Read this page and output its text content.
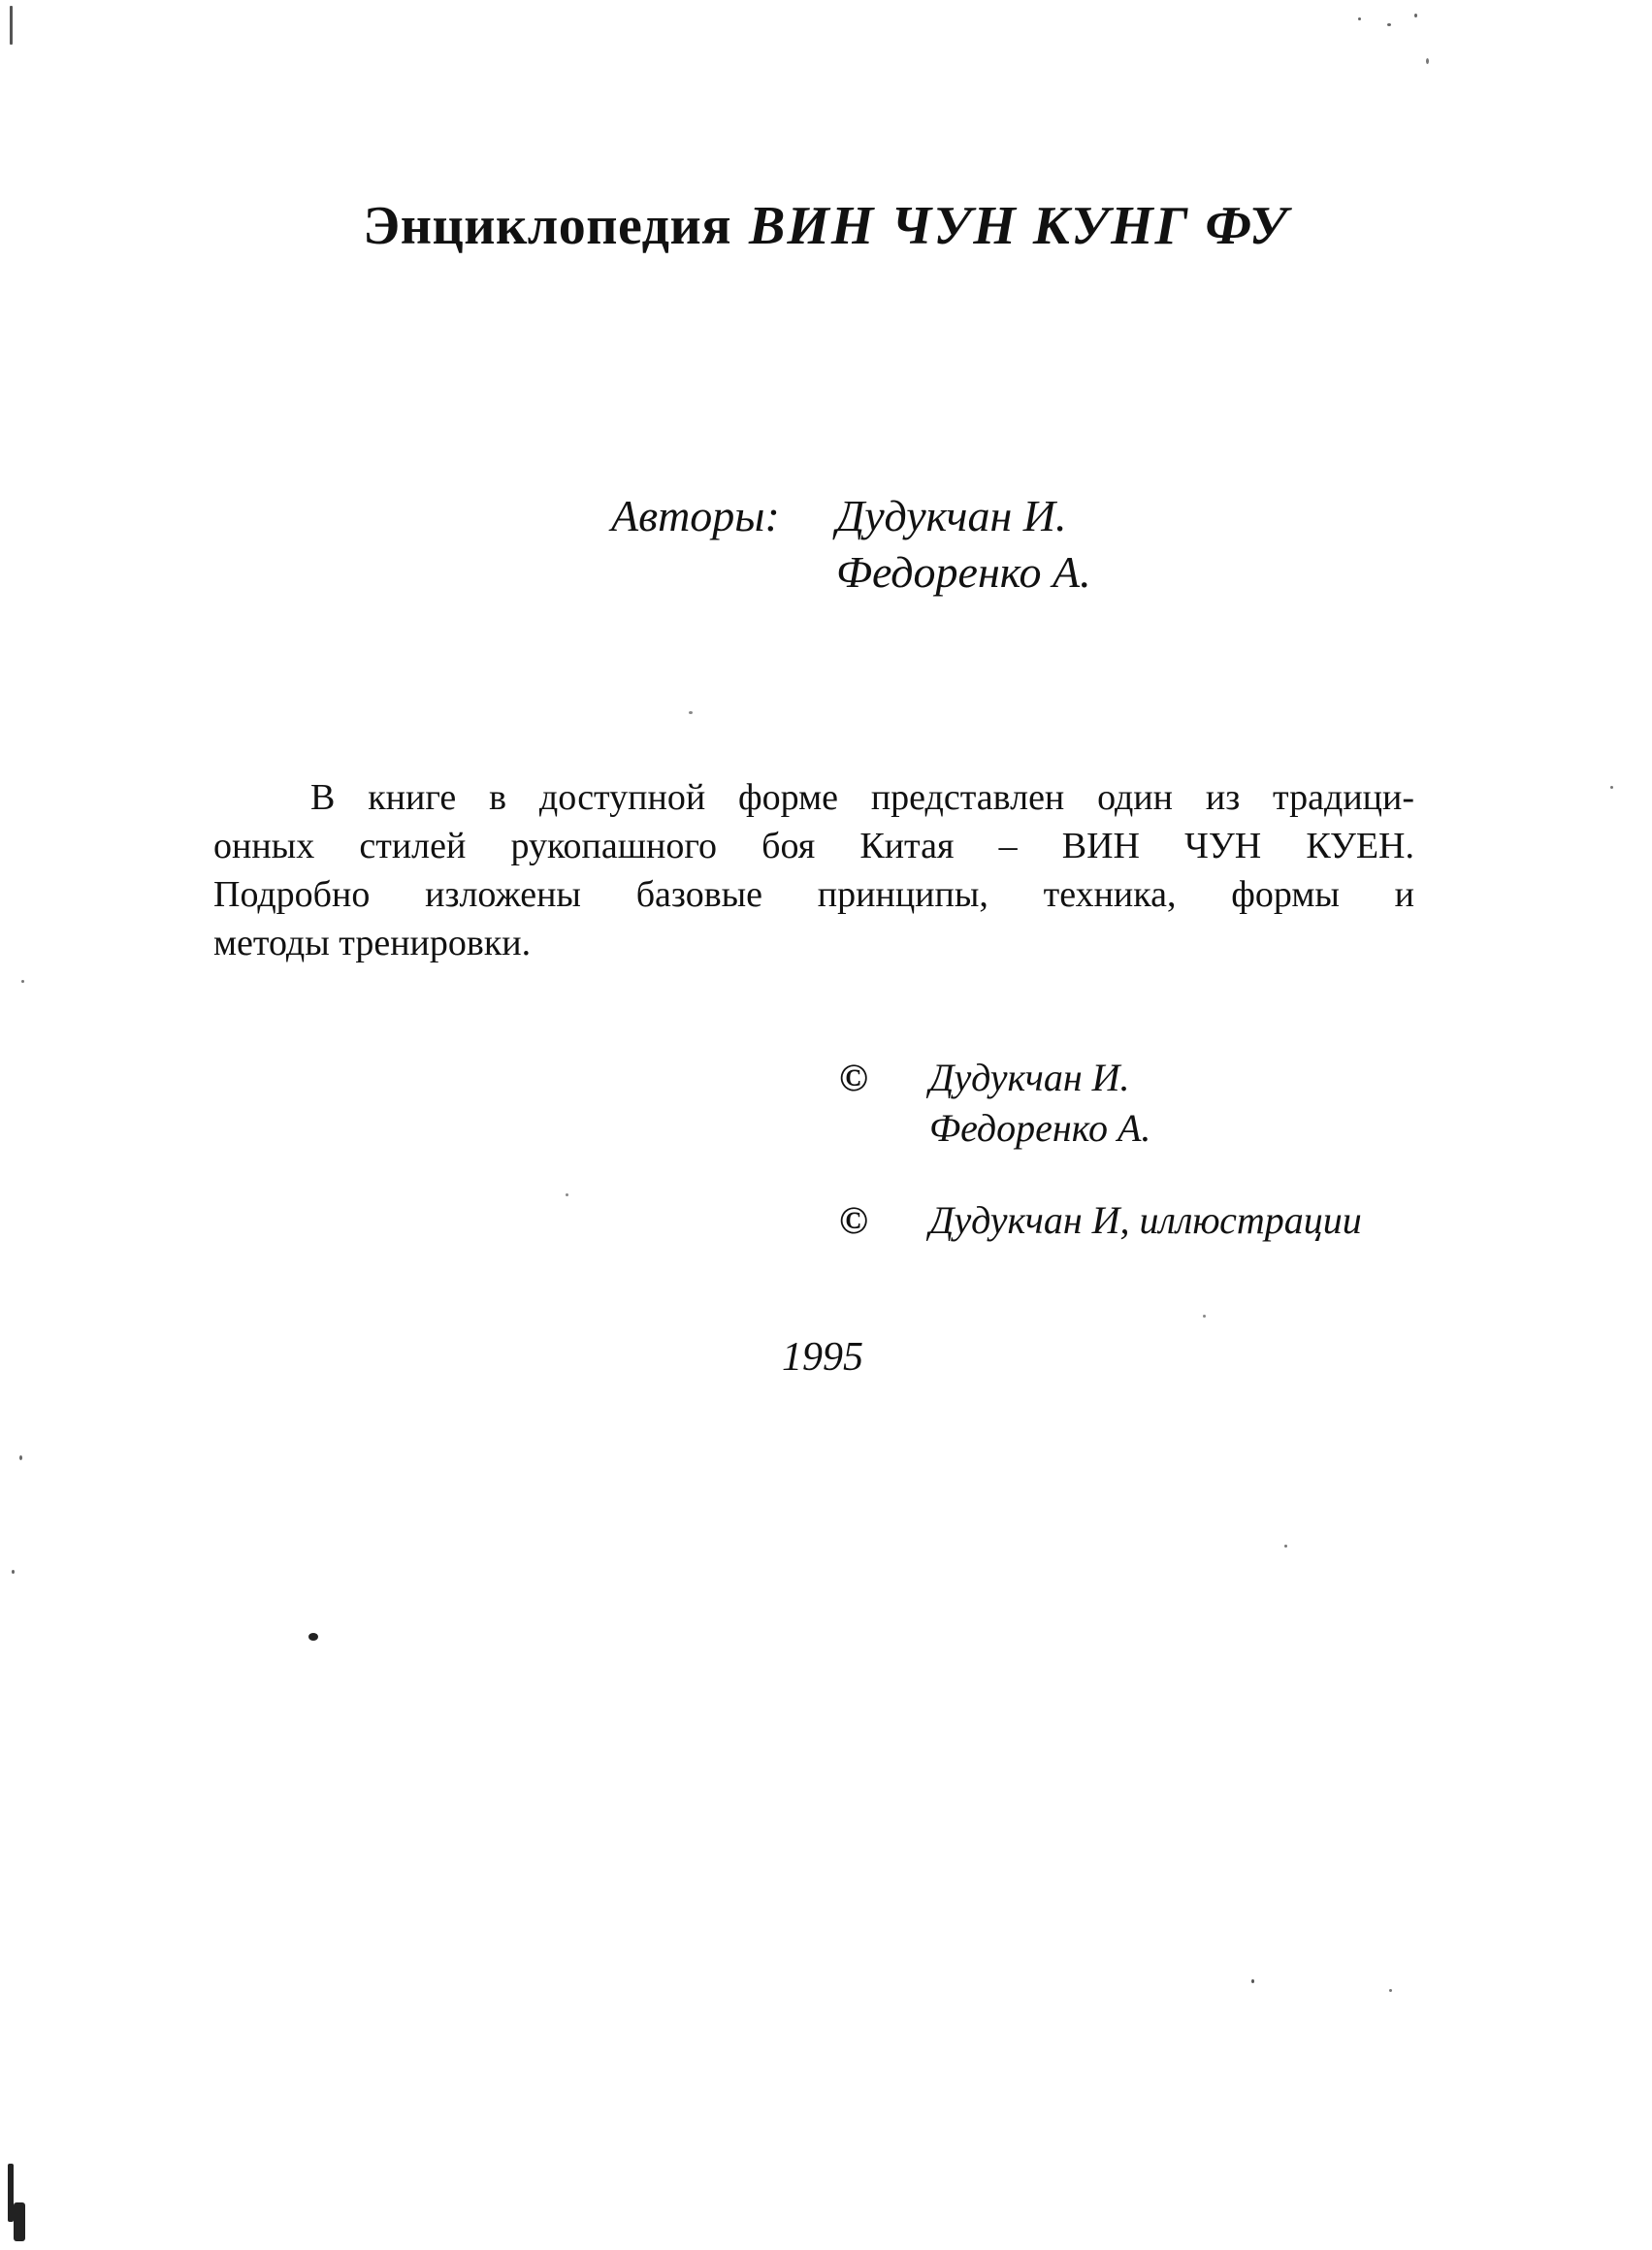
Энциклопедия ВИН ЧУН КУНГ ФУ
Авторы: Дудукчан И.
Федоренко А.
В книге в доступной форме представлен один из традици-
онных стилей рукопашного боя Китая – ВИН ЧУН КУЕН.
Подробно изложены базовые принципы, техника, формы и
методы тренировки.
© Дудукчан И.
Федоренко А.
© Дудукчан И, иллюстрации
1995
